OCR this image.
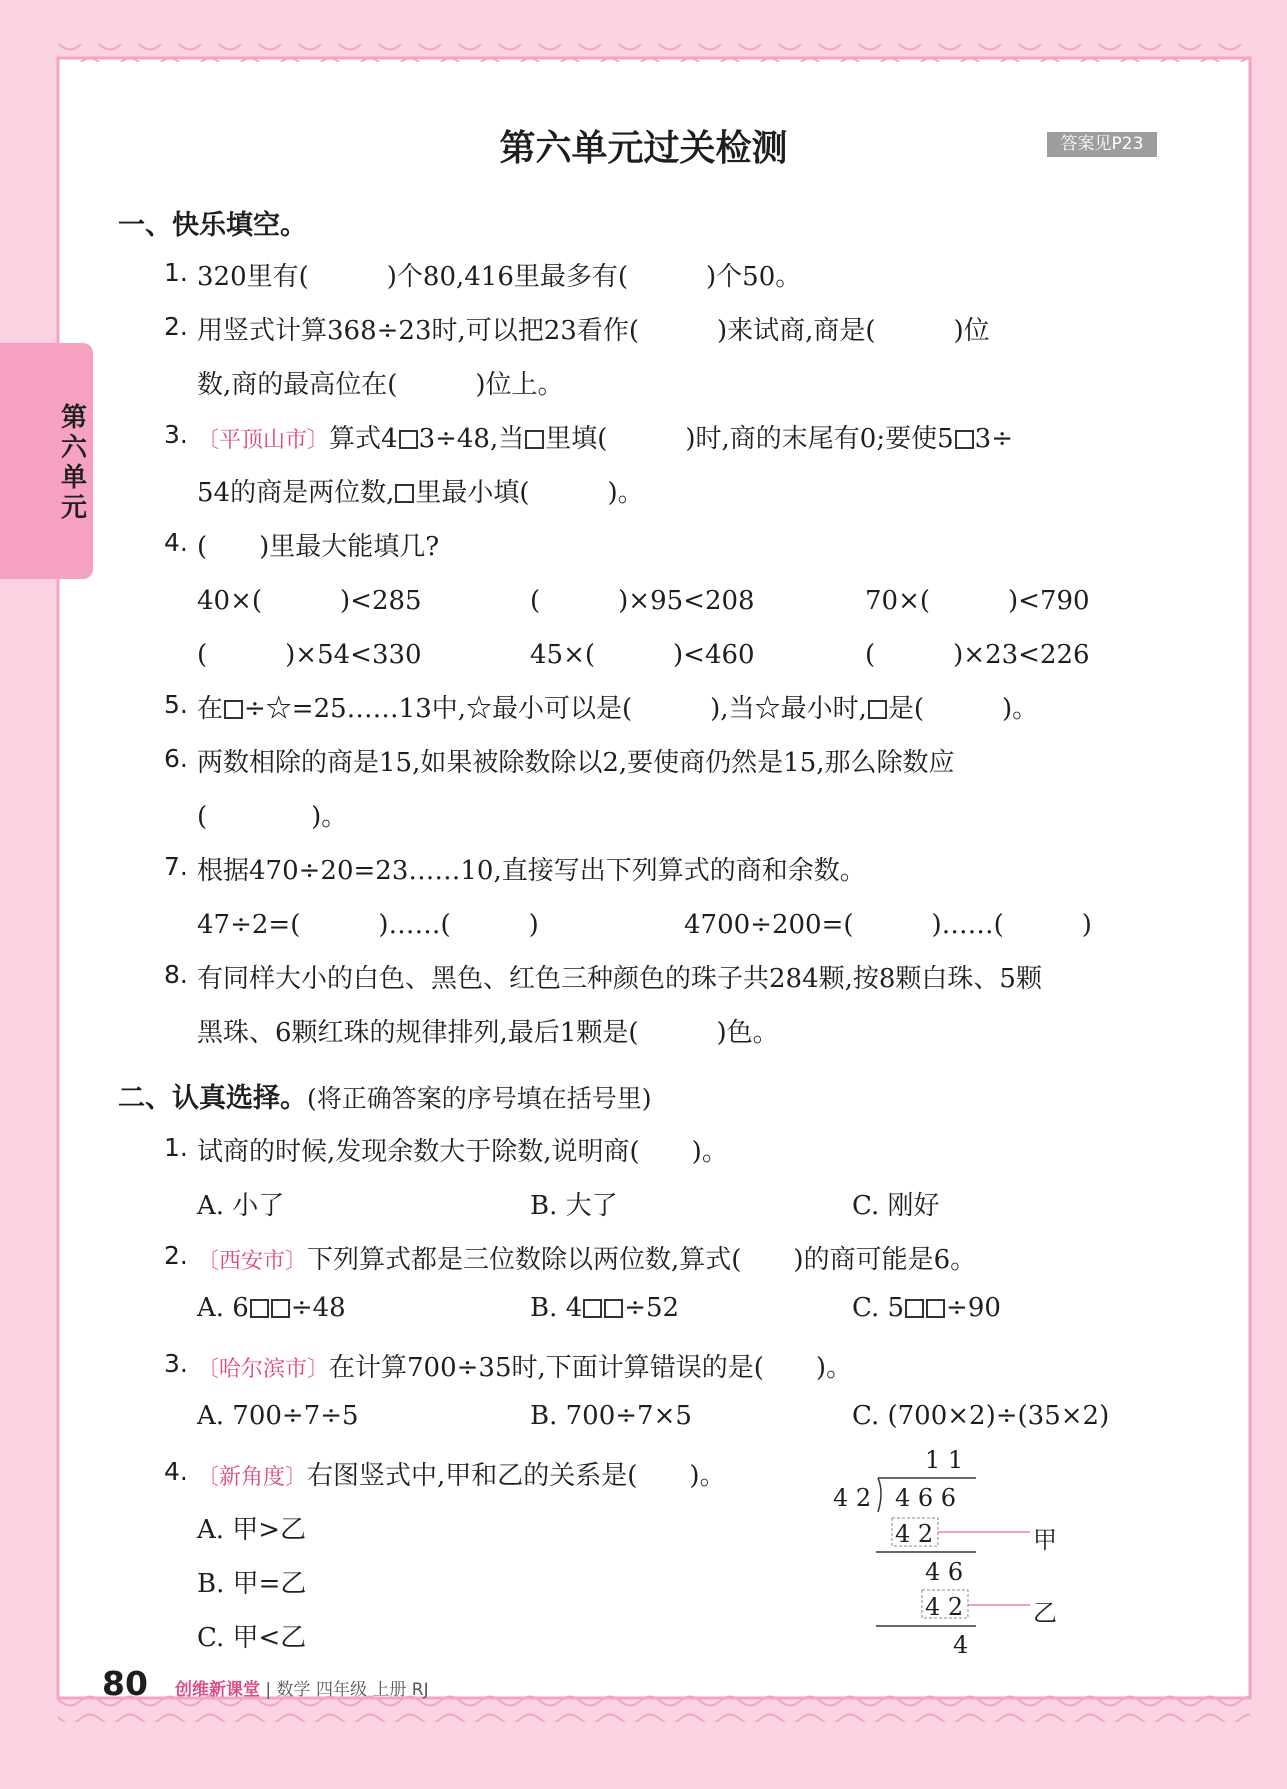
第六单元
第六单元过关检测	答案见P23
一、快乐填空。
1. 320里有(　　　)个80,416里最多有(　　　)个50。
2. 用竖式计算368÷23时,可以把23看作(　　　)来试商,商是(　　　)位
数,商的最高位在(　　　)位上。
3. 〔平顶山市〕算式4 3÷48,当 里填(　　　)时,商的末尾有0;要使5 3÷
54的商是两位数, 里最小填(　　　)。
4. (　　)里最大能填几?
40×(　　　)<285	(　　　)×95<208	70×(　　　)<790
(　　　)×54<330	45×(　　　)<460	(　　　)×23<226
5. 在 ÷☆=25……13中,☆最小可以是(　　　),当☆最小时, 是(　　　)。
6. 两数相除的商是15,如果被除数除以2,要使商仍然是15,那么除数应
(　　　　)。
7. 根据470÷20=23……10,直接写出下列算式的商和余数。
47÷2=(　　　)……(　　　)	4700÷200=(　　　)……(　　　)
8. 有同样大小的白色、黑色、红色三种颜色的珠子共284颗,按8颗白珠、5颗
黑珠、6颗红珠的规律排列,最后1颗是(　　　)色。
二、认真选择。(将正确答案的序号填在括号里)
1. 试商的时候,发现余数大于除数,说明商(　　)。
A. 小了	B. 大了	C. 刚好
2. 〔西安市〕下列算式都是三位数除以两位数,算式(　　)的商可能是6。
A. 6 ÷48	B. 4 ÷52	C. 5 ÷90
3. 〔哈尔滨市〕在计算700÷35时,下面计算错误的是(　　)。
A. 700÷7÷5	B. 700÷7×5	C. (700×2)÷(35×2)
4. 〔新角度〕右图竖式中,甲和乙的关系是(　　)。
A. 甲>乙
B. 甲=乙
C. 甲<乙
1 1
4 2 4 6 6
4 2	甲
4 6
4 2	乙
4
80 创维新课堂 | 数学 四年级 上册 RJ
